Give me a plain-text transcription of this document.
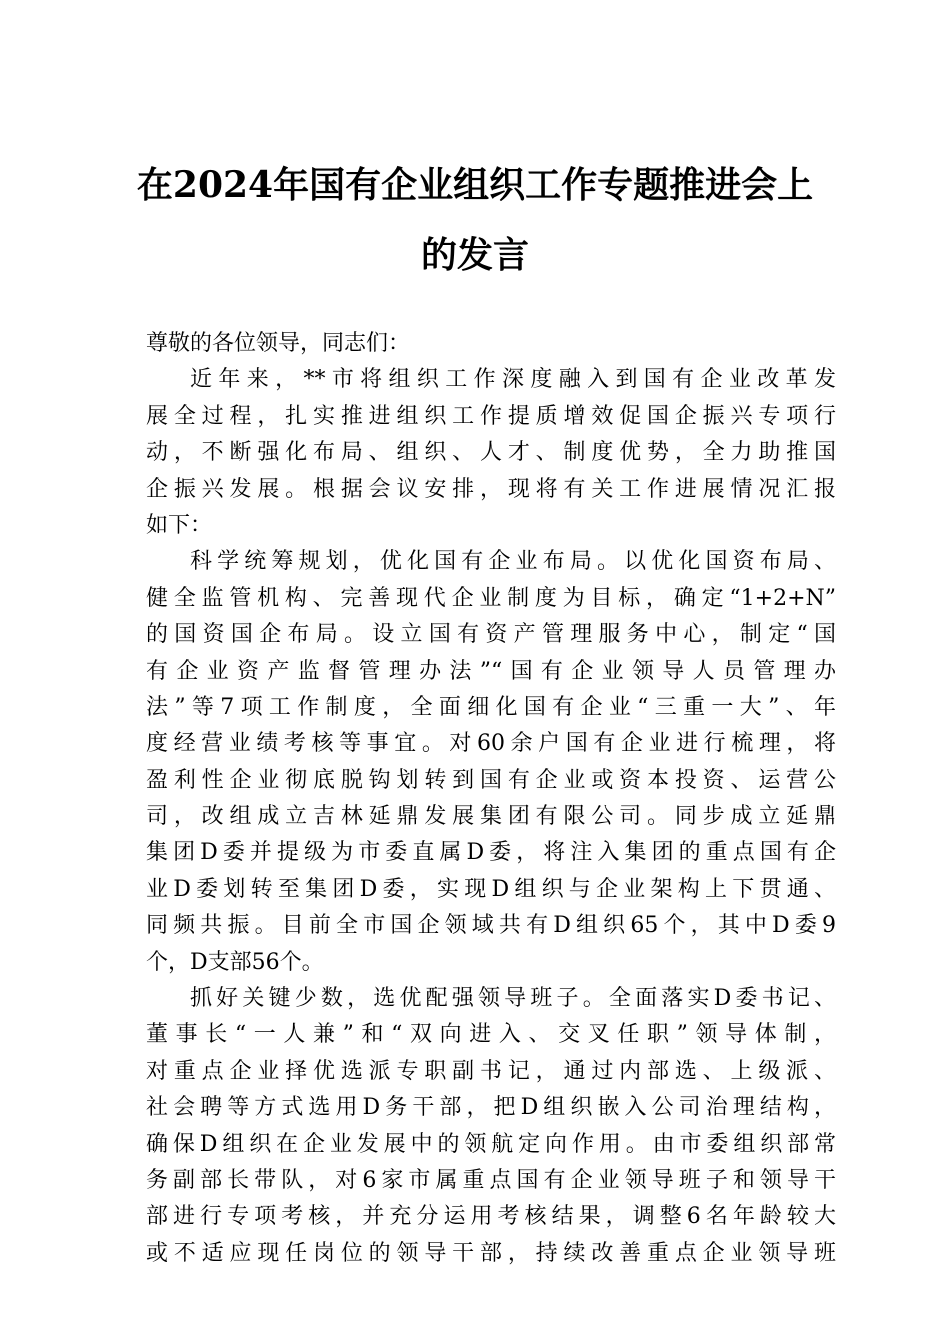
在2024年国有企业组织工作专题推进会上
的发言
尊敬的各位领导，同志们：
近年来，**市将组织工作深度融入到国有企业改革发
展全过程，扎实推进组织工作提质增效促国企振兴专项行
动，不断强化布局、组织、人才、制度优势，全力助推国
企振兴发展。根据会议安排，现将有关工作进展情况汇报
如下：
科学统筹规划，优化国有企业布局。以优化国资布局、
健全监管机构、完善现代企业制度为目标，确定“1+2+N”
的国资国企布局。设立国有资产管理服务中心，制定“国
有企业资产监督管理办法”“国有企业领导人员管理办
法”等7项工作制度，全面细化国有企业“三重一大”、年
度经营业绩考核等事宜。对60余户国有企业进行梳理，将
盈利性企业彻底脱钩划转到国有企业或资本投资、运营公
司，改组成立吉林延鼎发展集团有限公司。同步成立延鼎
集团D委并提级为市委直属D委，将注入集团的重点国有企
业D委划转至集团D委，实现D组织与企业架构上下贯通、
同频共振。目前全市国企领域共有D组织65个，其中D委9
个，D支部56个。
抓好关键少数，选优配强领导班子。全面落实D委书记、
董事长“一人兼”和“双向进入、交叉任职”领导体制，
对重点企业择优选派专职副书记，通过内部选、上级派、
社会聘等方式选用D务干部，把D组织嵌入公司治理结构，
确保D组织在企业发展中的领航定向作用。由市委组织部常
务副部长带队，对6家市属重点国有企业领导班子和领导干
部进行专项考核，并充分运用考核结果，调整6名年龄较大
或不适应现任岗位的领导干部，持续改善重点企业领导班
